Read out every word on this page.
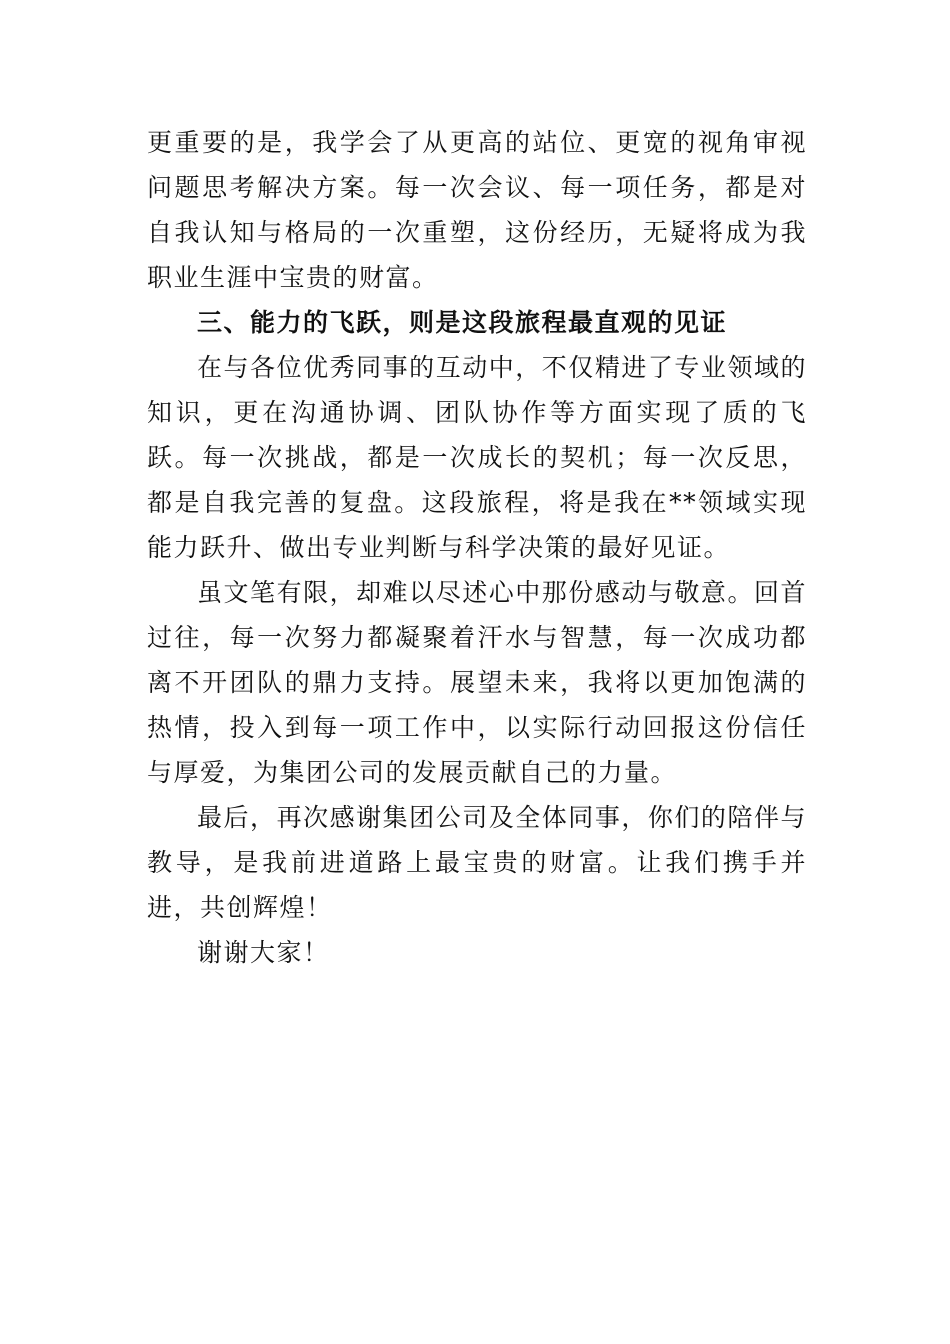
更重要的是，我学会了从更高的站位、更宽的视角审视问题思考解决方案。每一次会议、每一项任务，都是对自我认知与格局的一次重塑，这份经历，无疑将成为我职业生涯中宝贵的财富。

三、能力的飞跃，则是这段旅程最直观的见证

在与各位优秀同事的互动中，不仅精进了专业领域的知识，更在沟通协调、团队协作等方面实现了质的飞跃。每一次挑战，都是一次成长的契机；每一次反思，都是自我完善的复盘。这段旅程，将是我在**领域实现能力跃升、做出专业判断与科学决策的最好见证。

虽文笔有限，却难以尽述心中那份感动与敬意。回首过往，每一次努力都凝聚着汗水与智慧，每一次成功都离不开团队的鼎力支持。展望未来，我将以更加饱满的热情，投入到每一项工作中，以实际行动回报这份信任与厚爱，为集团公司的发展贡献自己的力量。

最后，再次感谢集团公司及全体同事，你们的陪伴与教导，是我前进道路上最宝贵的财富。让我们携手并进，共创辉煌！

谢谢大家！
